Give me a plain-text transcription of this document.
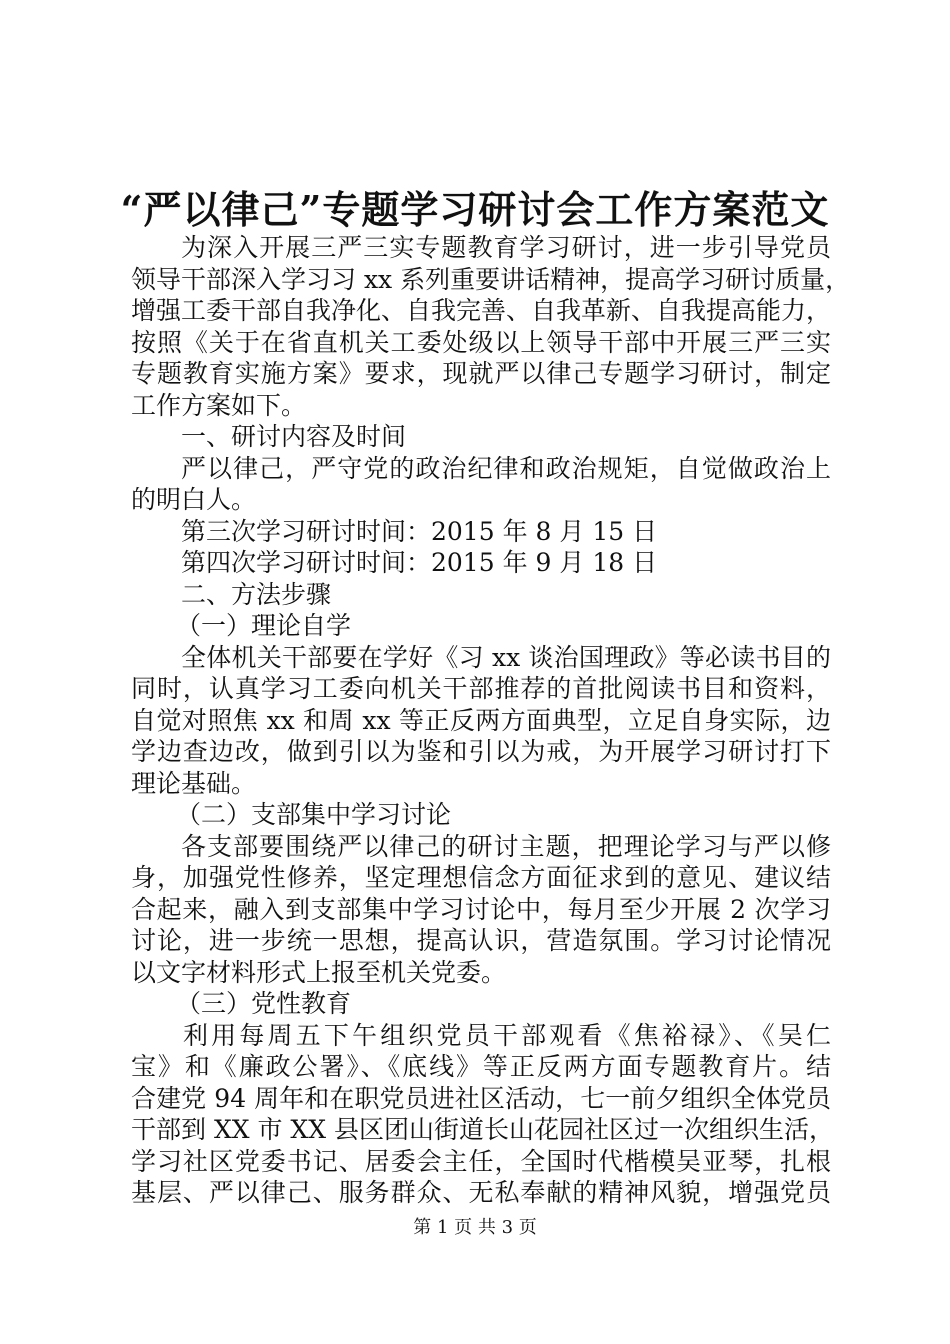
“严以律己”专题学习研讨会工作方案范文
为深入开展三严三实专题教育学习研讨，进一步引导党员
领导干部深入学习习 xx 系列重要讲话精神，提高学习研讨质量，
增强工委干部自我净化、自我完善、自我革新、自我提高能力，
按照《关于在省直机关工委处级以上领导干部中开展三严三实
专题教育实施方案》要求，现就严以律己专题学习研讨，制定
工作方案如下。
一、研讨内容及时间
严以律己，严守党的政治纪律和政治规矩，自觉做政治上
的明白人。
第三次学习研讨时间：2015 年 8 月 15 日
第四次学习研讨时间：2015 年 9 月 18 日
二、方法步骤
（一）理论自学
全体机关干部要在学好《习 xx 谈治国理政》等必读书目的
同时，认真学习工委向机关干部推荐的首批阅读书目和资料，
自觉对照焦 xx 和周 xx 等正反两方面典型，立足自身实际，边
学边查边改，做到引以为鉴和引以为戒，为开展学习研讨打下
理论基础。
（二）支部集中学习讨论
各支部要围绕严以律己的研讨主题，把理论学习与严以修
身，加强党性修养，坚定理想信念方面征求到的意见、建议结
合起来，融入到支部集中学习讨论中，每月至少开展 2 次学习
讨论，进一步统一思想，提高认识，营造氛围。学习讨论情况
以文字材料形式上报至机关党委。
（三）党性教育
利用每周五下午组织党员干部观看《焦裕禄》、《吴仁
宝》和《廉政公署》、《底线》等正反两方面专题教育片。结
合建党 94 周年和在职党员进社区活动，七一前夕组织全体党员
干部到 XX 市 XX 县区团山街道长山花园社区过一次组织生活，
学习社区党委书记、居委会主任，全国时代楷模吴亚琴，扎根
基层、严以律己、服务群众、无私奉献的精神风貌，增强党员
第 1 页 共 3 页
